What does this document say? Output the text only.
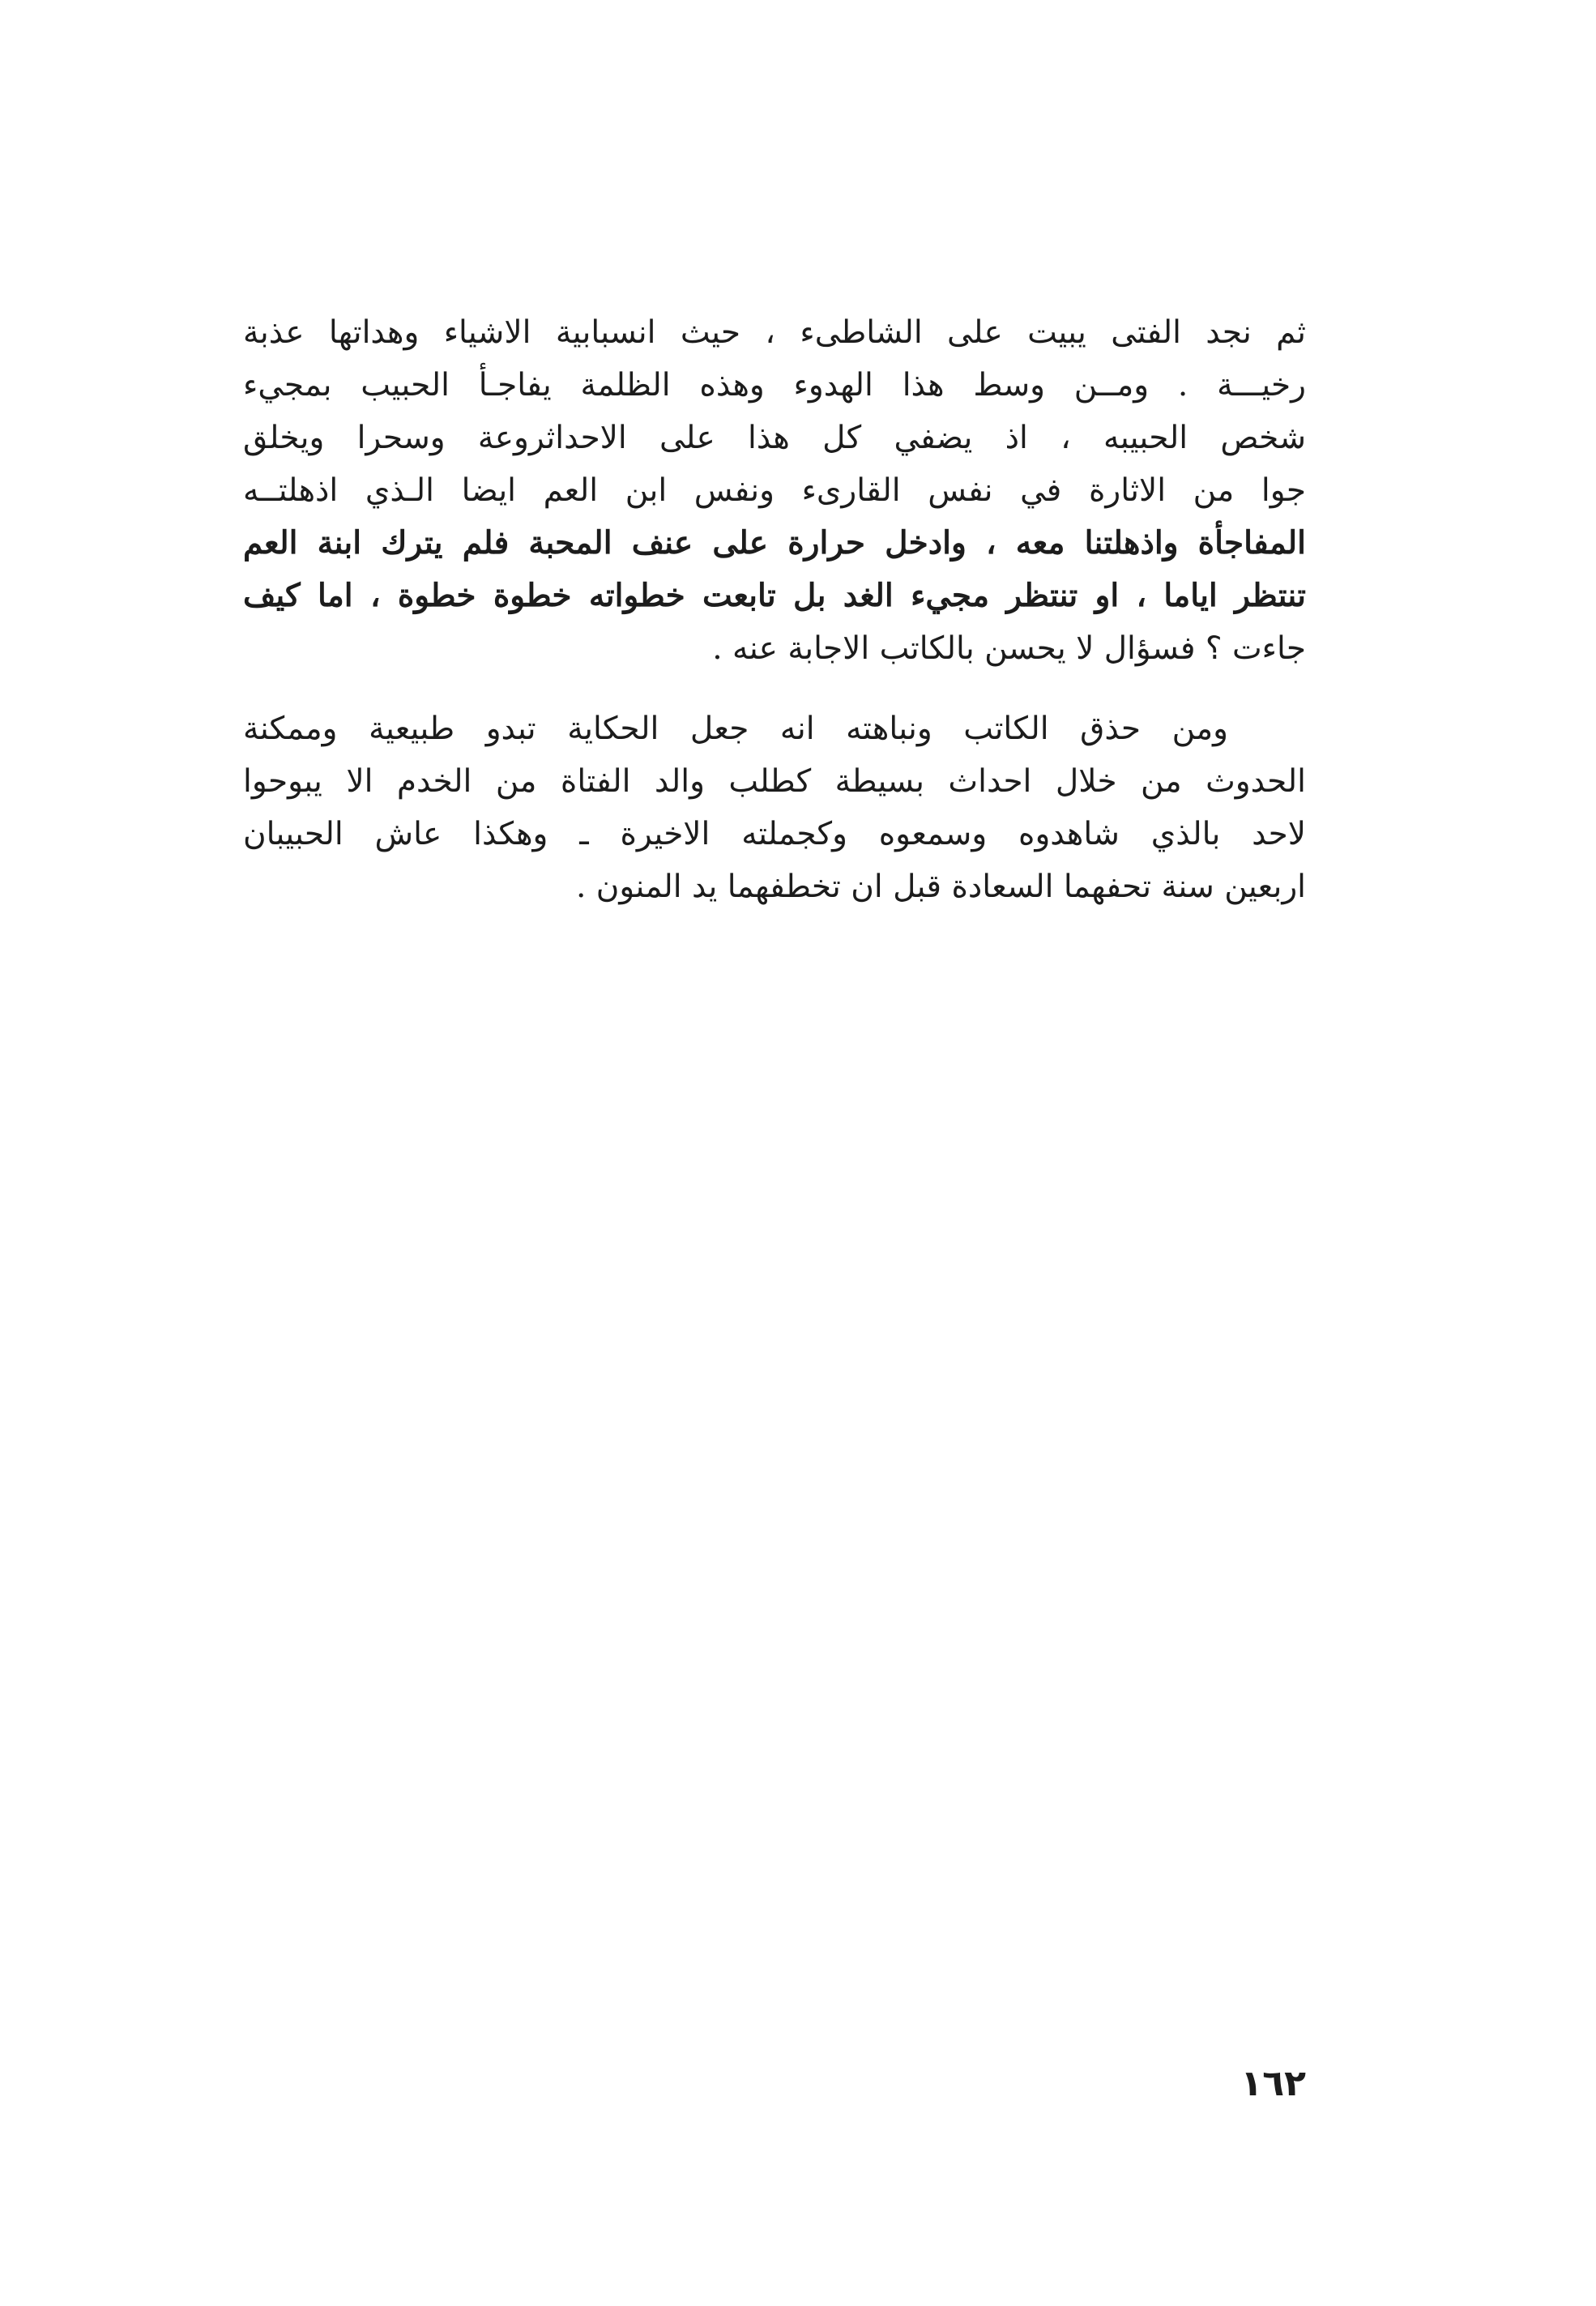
ثم نجد الفتى يبيت على الشاطىء ، حيث انسبابية الاشياء وهداتها عذبة
رخيـــة . ومــن وسط هذا الهدوء وهذه الظلمة يفاجـأ الحبيب بمجيء
شخص الحبيبه ، اذ يضفي كل هذا على الاحداثروعة وسحرا ويخلق
جوا من الاثارة في نفس القارىء ونفس ابن العم ايضا الـذي اذهلتــه
المفاجأة واذهلتنا معه ، وادخل حرارة على عنف المحبة فلم يترك ابنة العم
تنتظر اياما ، او تنتظر مجيء الغد بل تابعت خطواته خطوة خطوة ، اما كيف
جاءت ؟ فسؤال لا يحسن بالكاتب الاجابة عنه .
ومن حذق الكاتب ونباهته انه جعل الحكاية تبدو طبيعية وممكنة
الحدوث من خلال احداث بسيطة كطلب والد الفتاة من الخدم الا يبوحوا
لاحد بالذي شاهدوه وسمعوه وكجملته الاخيرة ـ وهكذا عاش الحبيبان
اربعين سنة تحفهما السعادة قبل ان تخطفهما يد المنون .
١٦٢
